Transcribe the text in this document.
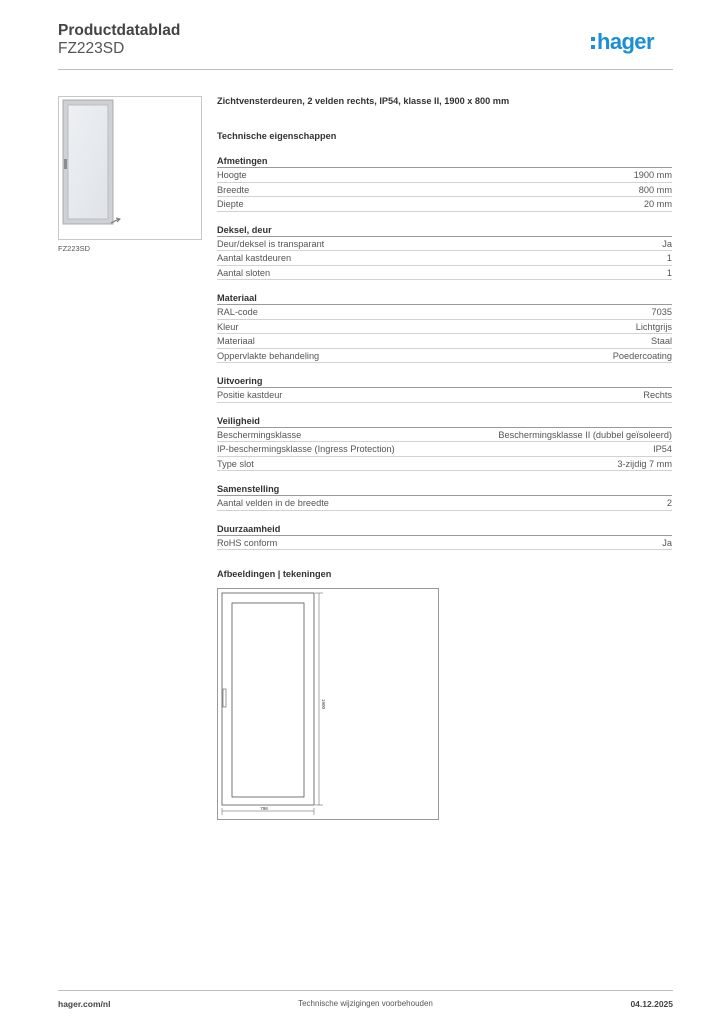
Productdatablad
FZ223SD	hager
FZ223SD
Zichtvensterdeuren, 2 velden rechts, IP54, klasse II, 1900 x 800 mm
Technische eigenschappen
Afmetingen
Hoogte	1900 mm
Breedte	800 mm
Diepte	20 mm
Deksel, deur
Deur/deksel is transparant	Ja
Aantal kastdeuren	1
Aantal sloten	1
Materiaal
RAL-code	7035
Kleur	Lichtgrijs
Materiaal	Staal
Oppervlakte behandeling	Poedercoating
Uitvoering
Positie kastdeur	Rechts
Veiligheid
Beschermingsklasse	Beschermingsklasse II (dubbel geïsoleerd)
IP-beschermingsklasse (Ingress Protection)	IP54
Type slot	3-zijdig 7 mm
Samenstelling
Aantal velden in de breedte	2
Duurzaamheid
RoHS conform	Ja
Afbeeldingen | tekeningen
1900
798
hager.com/nl	Technische wijzigingen voorbehouden	04.12.2025
